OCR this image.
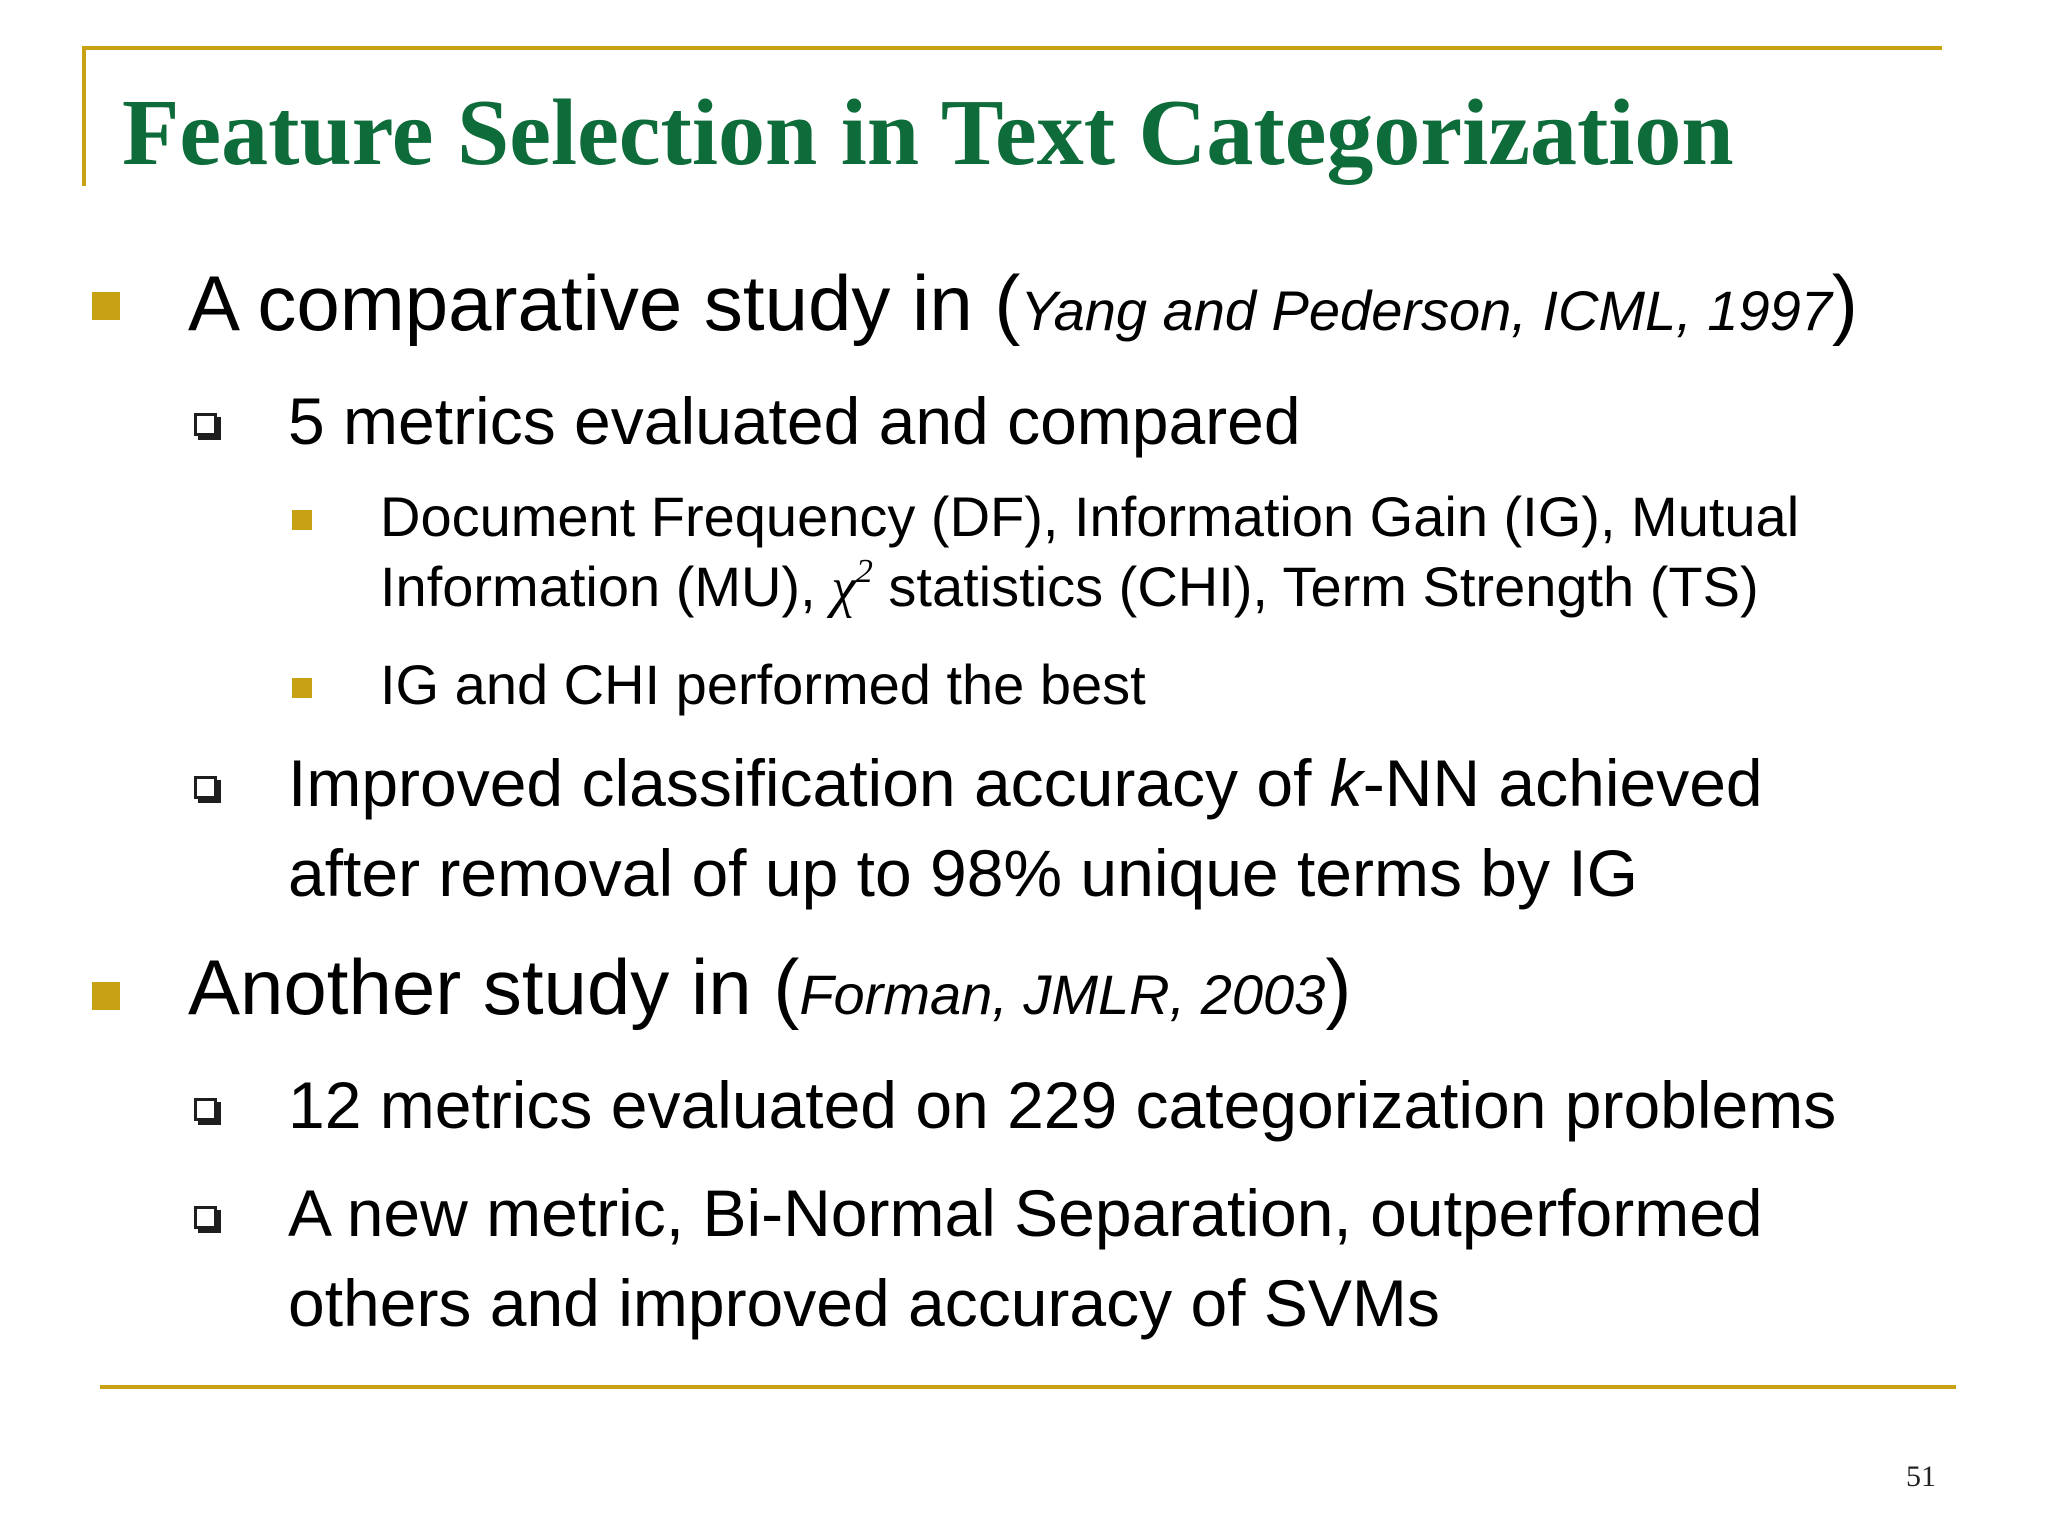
Feature Selection in Text Categorization
A comparative study in (Yang and Pederson, ICML, 1997)
5 metrics evaluated and compared
Document Frequency (DF), Information Gain (IG), Mutual
Information (MU), $\chi^2$ statistics (CHI), Term Strength (TS)
IG and CHI performed the best
Improved classification accuracy of k-NN achieved
after removal of up to 98% unique terms by IG
Another study in (Forman, JMLR, 2003)
12 metrics evaluated on 229 categorization problems
A new metric, Bi-Normal Separation, outperformed
others and improved accuracy of SVMs
51
